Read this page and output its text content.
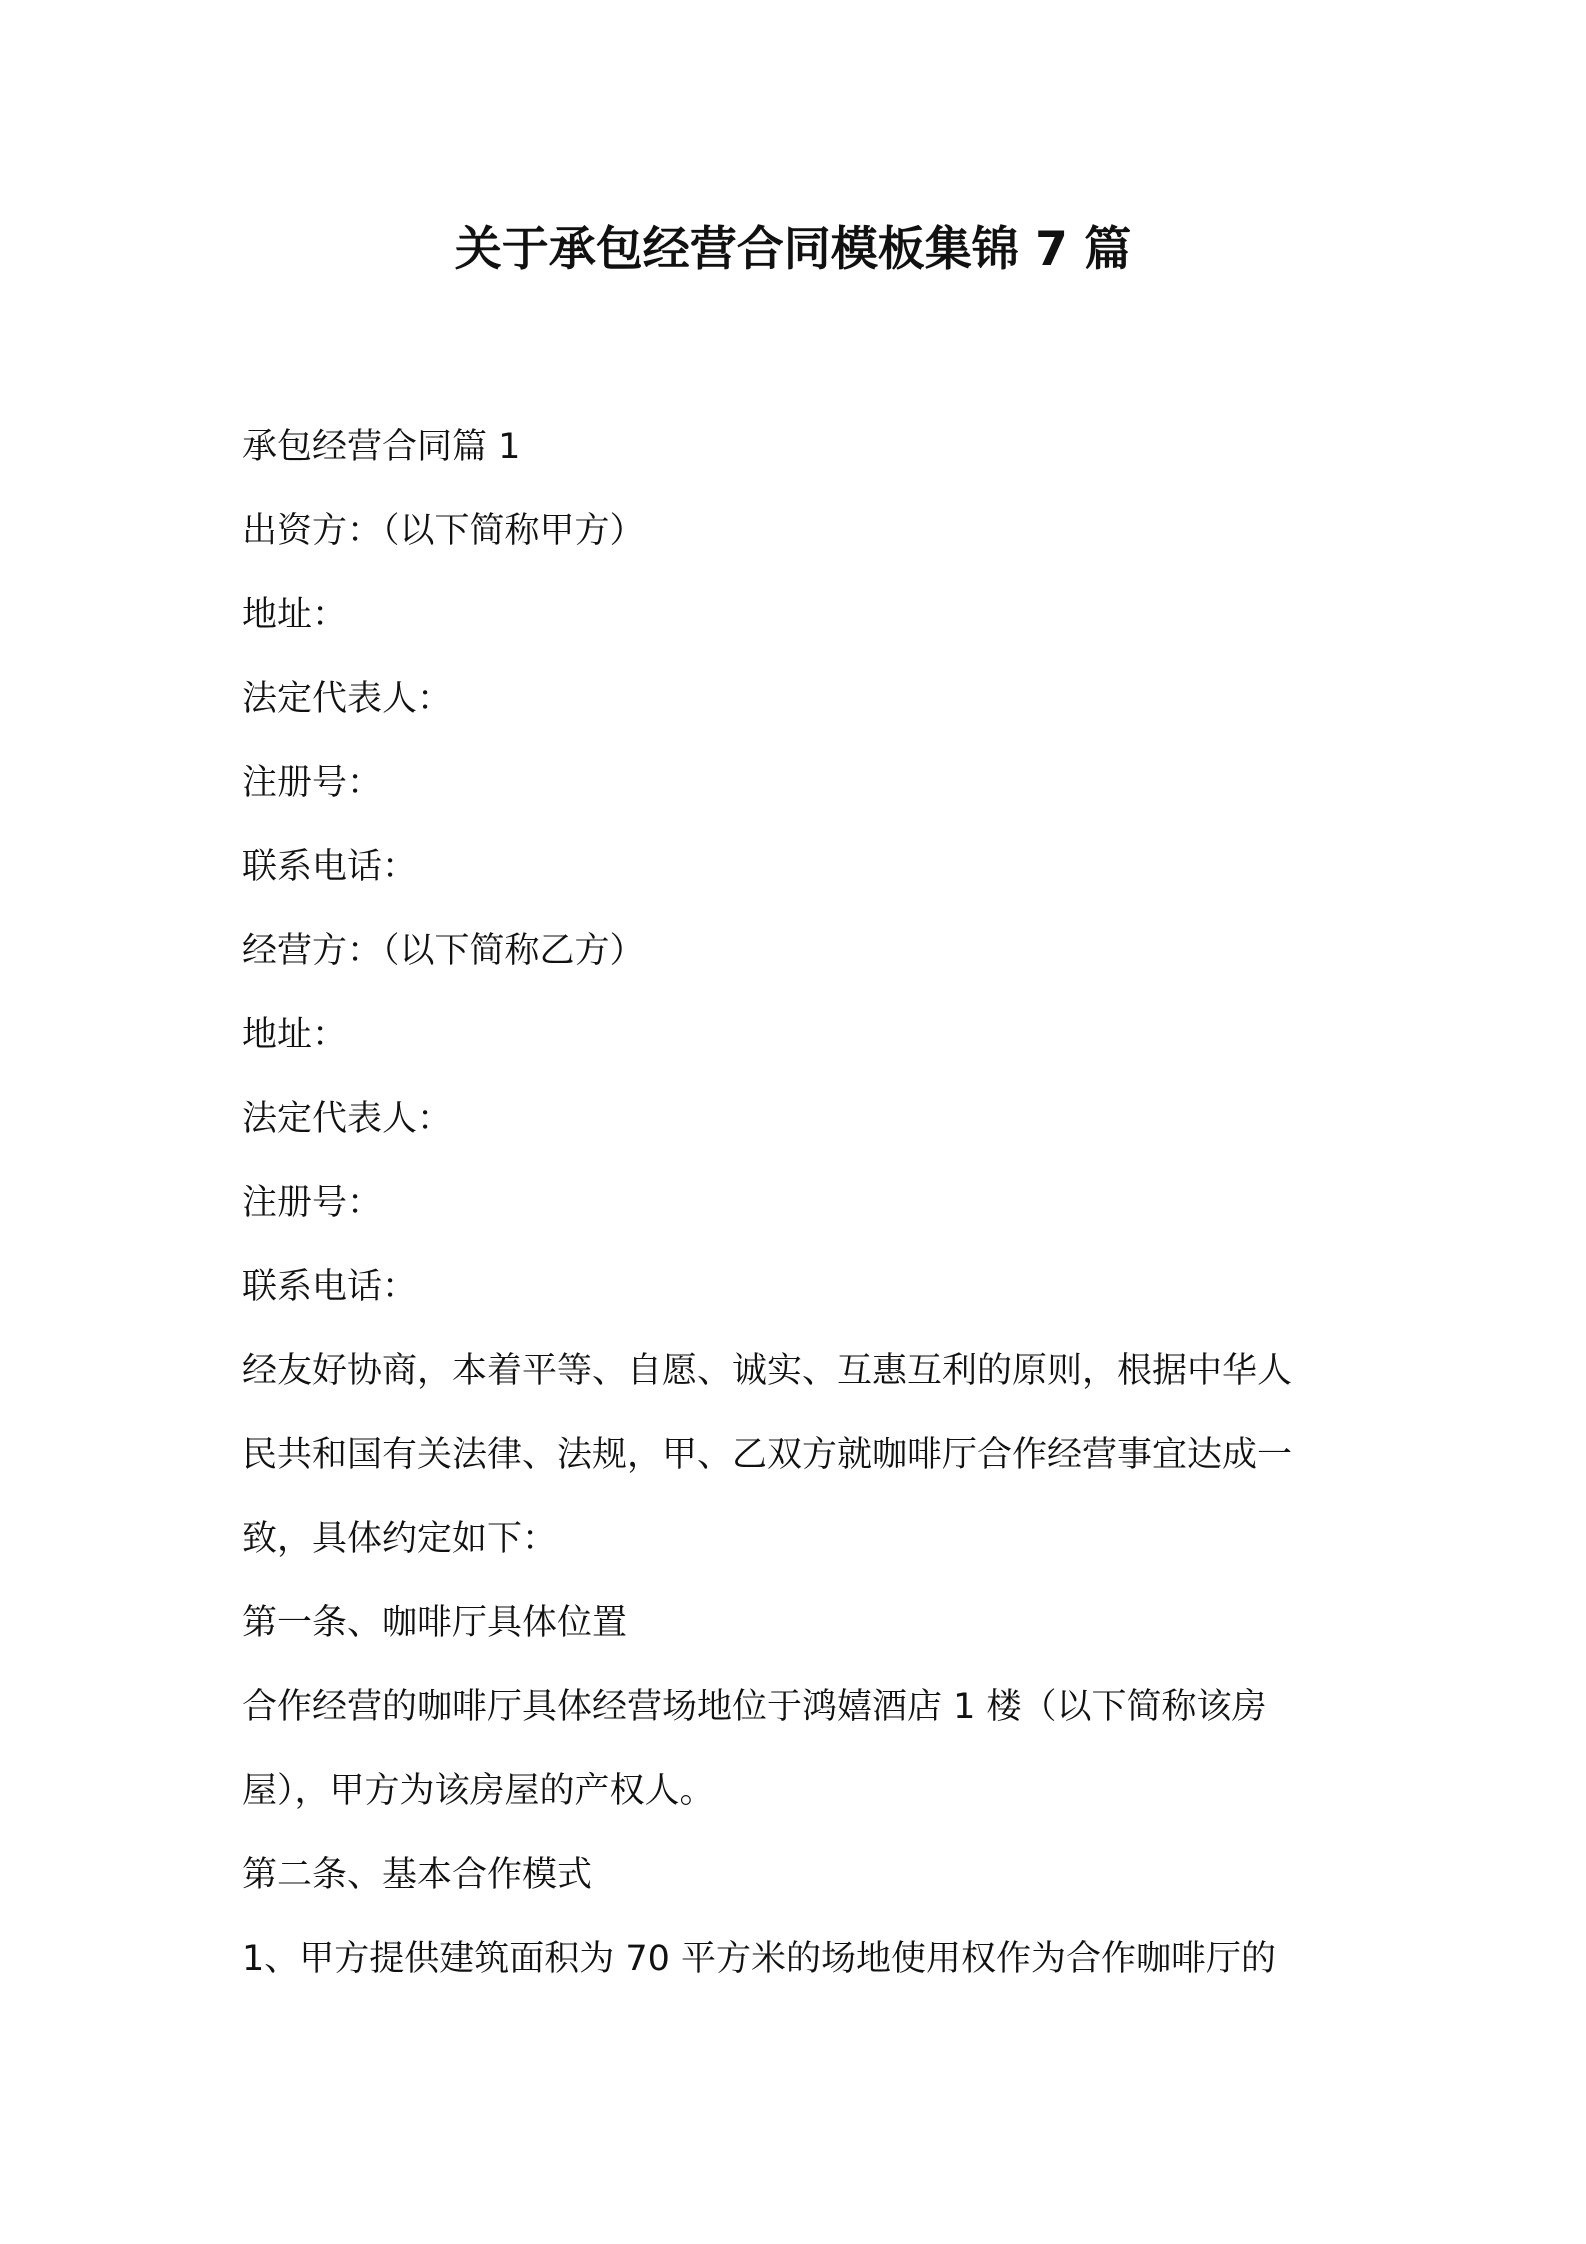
关于承包经营合同模板集锦 7 篇
承包经营合同篇 1
出资方：（以下简称甲方）
地址：
法定代表人：
注册号：
联系电话：
经营方：（以下简称乙方）
地址：
法定代表人：
注册号：
联系电话：
经友好协商，本着平等、自愿、诚实、互惠互利的原则，根据中华人
民共和国有关法律、法规，甲、乙双方就咖啡厅合作经营事宜达成一
致，具体约定如下：
第一条、咖啡厅具体位置
合作经营的咖啡厅具体经营场地位于鸿嬉酒店 1 楼（以下简称该房
屋），甲方为该房屋的产权人。
第二条、基本合作模式
1、甲方提供建筑面积为 70 平方米的场地使用权作为合作咖啡厅的
